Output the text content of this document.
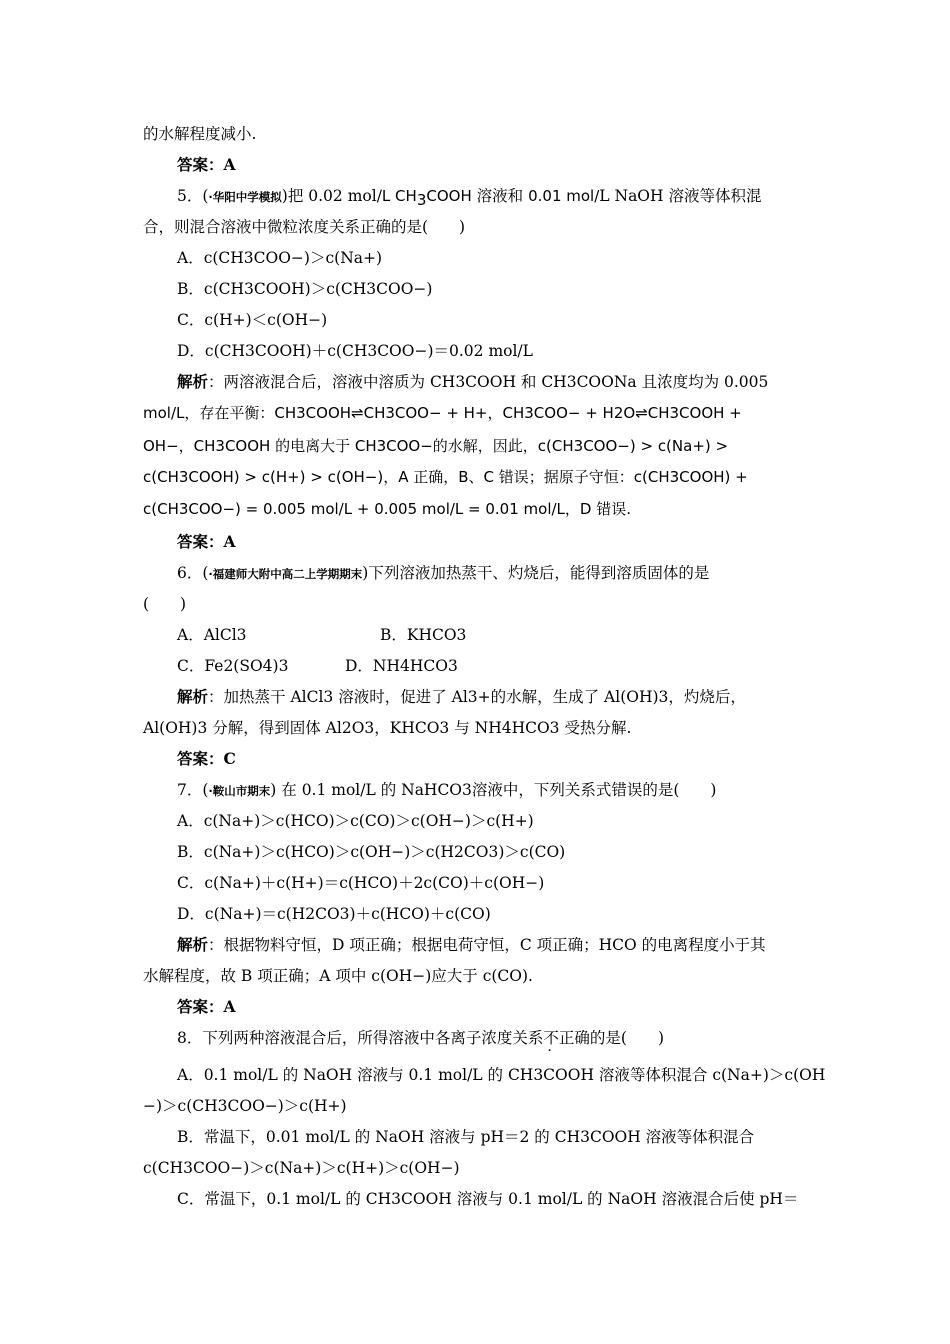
的水解程度减小.
答案：A
5．(·华阳中学模拟)把 0.02 mol/L $CH_3COOH$ 溶液和 0.01 mol/L NaOH 溶液等体积混
合，则混合溶液中微粒浓度关系正确的是(　　)
A．c(CH3COO−)＞c(Na+)
B．c(CH3COOH)＞c(CH3COO−)
C．c(H+)＜c(OH−)
D．c(CH3COOH)＋c(CH3COO−)＝0.02 mol/L
解析：两溶液混合后，溶液中溶质为 CH3COOH 和 CH3COONa 且浓度均为 0.005
mol/L，存在平衡：CH3COOH⇌CH3COO− + H+，CH3COO− + H2O⇌CH3COOH +
OH−，CH3COOH 的电离大于 CH3COO−的水解，因此，c(CH3COO−) > c(Na+) >
c(CH3COOH) > c(H+) > c(OH−)，A 正确，B、C 错误；据原子守恒：c(CH3COOH) +
c(CH3COO−) = 0.005 mol/L + 0.005 mol/L = 0.01 mol/L，D 错误.
答案：A
6．(·福建师大附中高二上学期期末)下列溶液加热蒸干、灼烧后，能得到溶质固体的是
(　　)
A．AlCl3	B．KHCO3
C．Fe2(SO4)3	D．NH4HCO3
解析：加热蒸干 AlCl3 溶液时，促进了 Al3+的水解，生成了 Al(OH)3，灼烧后，
Al(OH)3 分解，得到固体 Al2O3，KHCO3 与 NH4HCO3 受热分解.
答案：C
7．(·鞍山市期末) 在 0.1 mol/L 的 NaHCO3溶液中，下列关系式错误的是(　　)
A．c(Na+)＞c(HCO)＞c(CO)＞c(OH−)＞c(H+)
B．c(Na+)＞c(HCO)＞c(OH−)＞c(H2CO3)＞c(CO)
C．c(Na+)＋c(H+)＝c(HCO)＋2c(CO)＋c(OH−)
D．c(Na+)＝c(H2CO3)＋c(HCO)＋c(CO)
解析：根据物料守恒，D 项正确；根据电荷守恒，C 项正确；HCO 的电离程度小于其
水解程度，故 B 项正确；A 项中 c(OH−)应大于 c(CO).
答案：A
8．下列两种溶液混合后，所得溶液中各离子浓度关系不正确的是(　　)
A．0.1 mol/L 的 NaOH 溶液与 0.1 mol/L 的 CH3COOH 溶液等体积混合 c(Na+)＞c(OH
−)＞c(CH3COO−)＞c(H+)
B．常温下，0.01 mol/L 的 NaOH 溶液与 pH＝2 的 CH3COOH 溶液等体积混合
c(CH3COO−)＞c(Na+)＞c(H+)＞c(OH−)
C．常温下，0.1 mol/L 的 CH3COOH 溶液与 0.1 mol/L 的 NaOH 溶液混合后使 pH＝
